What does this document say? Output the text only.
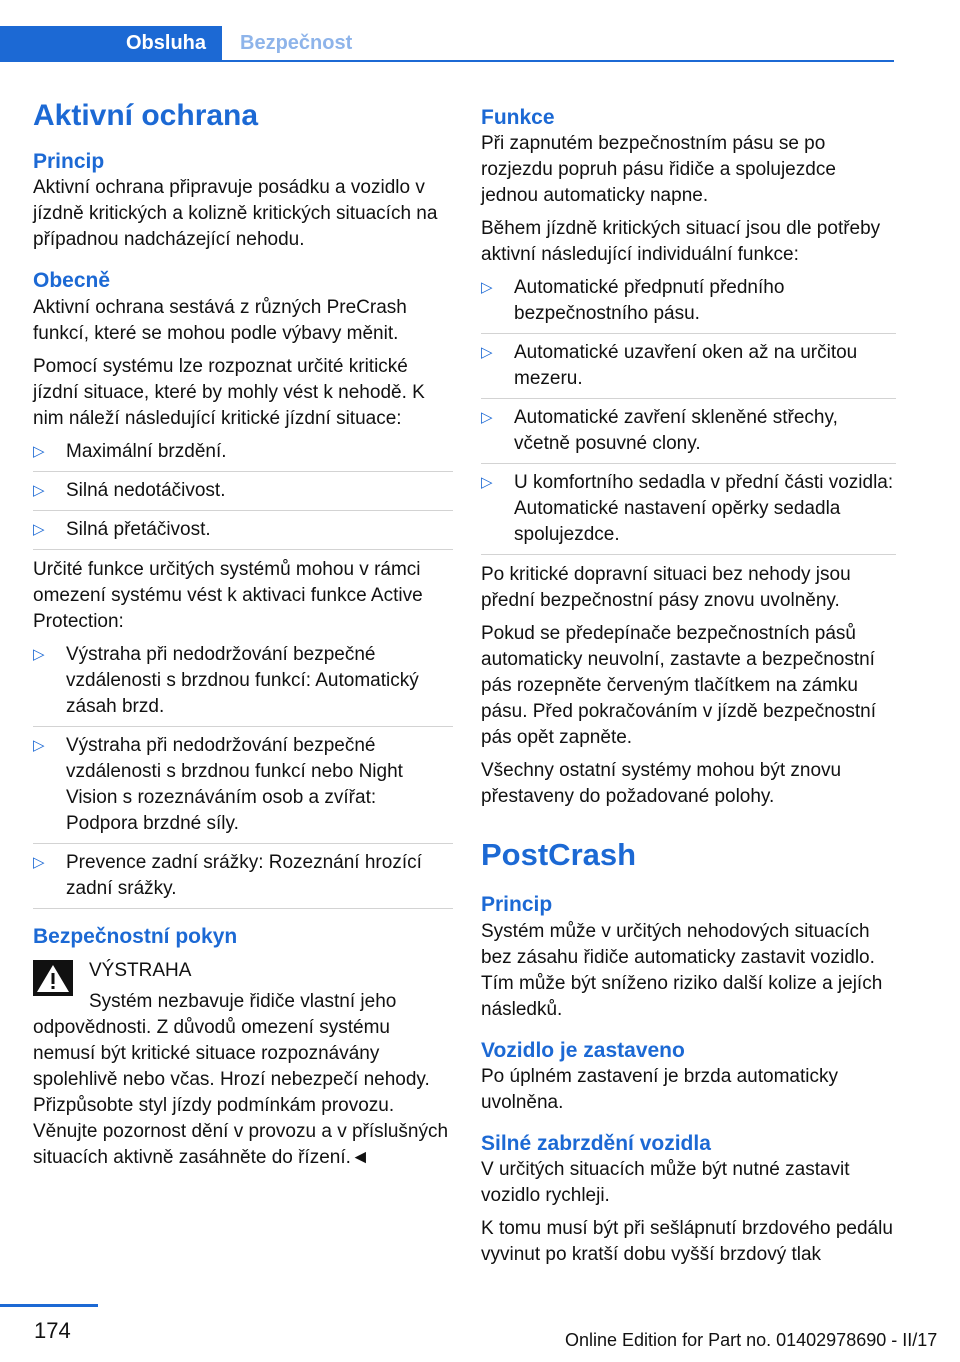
Obsluha	Bezpečnost
Aktivní ochrana
Princip

Aktivní ochrana připravuje posádku a vozidlo v jízdně kritických a kolizně kritických situacích na případnou nadcházející nehodu.

Obecně

Aktivní ochrana sestává z různých PreCrash funkcí, které se mohou podle výbavy měnit.

Pomocí systému lze rozpoznat určité kritické jízdní situace, které by mohly vést k nehodě. K nim náleží následující kritické jízdní situace:

▷ Maximální brzdění.
▷ Silná nedotáčivost.
▷ Silná přetáčivost.

Určité funkce určitých systémů mohou v rámci omezení systému vést k aktivaci funkce Active Protection:

▷ Výstraha při nedodržování bezpečné vzdálenosti s brzdnou funkcí: Automatický zásah brzd.
▷ Výstraha při nedodržování bezpečné vzdálenosti s brzdnou funkcí nebo Night Vision s rozeznáváním osob a zvířat: Podpora brzdné síly.
▷ Prevence zadní srážky: Rozeznání hrozící zadní srážky.
Bezpečnostní pokyn

VÝSTRAHA

Systém nezbavuje řidiče vlastní jeho odpovědnosti. Z důvodů omezení systému nemusí být kritické situace rozpoznávány spolehlivě nebo včas. Hrozí nebezpečí nehody. Přizpůsobte styl jízdy podmínkám provozu. Věnujte pozornost dění v provozu a v příslušných situacích aktivně zasáhněte do řízení.◄

Funkce

Při zapnutém bezpečnostním pásu se po rozjezdu popruh pásu řidiče a spolujezdce jednou automaticky napne.

Během jízdně kritických situací jsou dle potřeby aktivní následující individuální funkce:

▷ Automatické předpnutí předního bezpečnostního pásu.
▷ Automatické uzavření oken až na určitou mezeru.
▷ Automatické zavření skleněné střechy, včetně posuvné clony.
▷ U komfortního sedadla v přední části vozidla: Automatické nastavení opěrky sedadla spolujezdce.

Po kritické dopravní situaci bez nehody jsou přední bezpečnostní pásy znovu uvolněny.

Pokud se předepínače bezpečnostních pásů automaticky neuvolní, zastavte a bezpečnostní pás rozepněte červeným tlačítkem na zámku pásu. Před pokračováním v jízdě bezpečnostní pás opět zapněte.

Všechny ostatní systémy mohou být znovu přestaveny do požadované polohy.

PostCrash
Princip

Systém může v určitých nehodových situacích bez zásahu řidiče automaticky zastavit vozidlo. Tím může být sníženo riziko další kolize a jejích následků.

Vozidlo je zastaveno

Po úplném zastavení je brzda automaticky uvolněna.

Silné zabrzdění vozidla

V určitých situacích může být nutné zastavit vozidlo rychleji.

K tomu musí být při sešlápnutí brzdového pedálu vyvinut po kratší dobu vyšší brzdový tlak

174	Online Edition for Part no. 01402978690 - II/17
